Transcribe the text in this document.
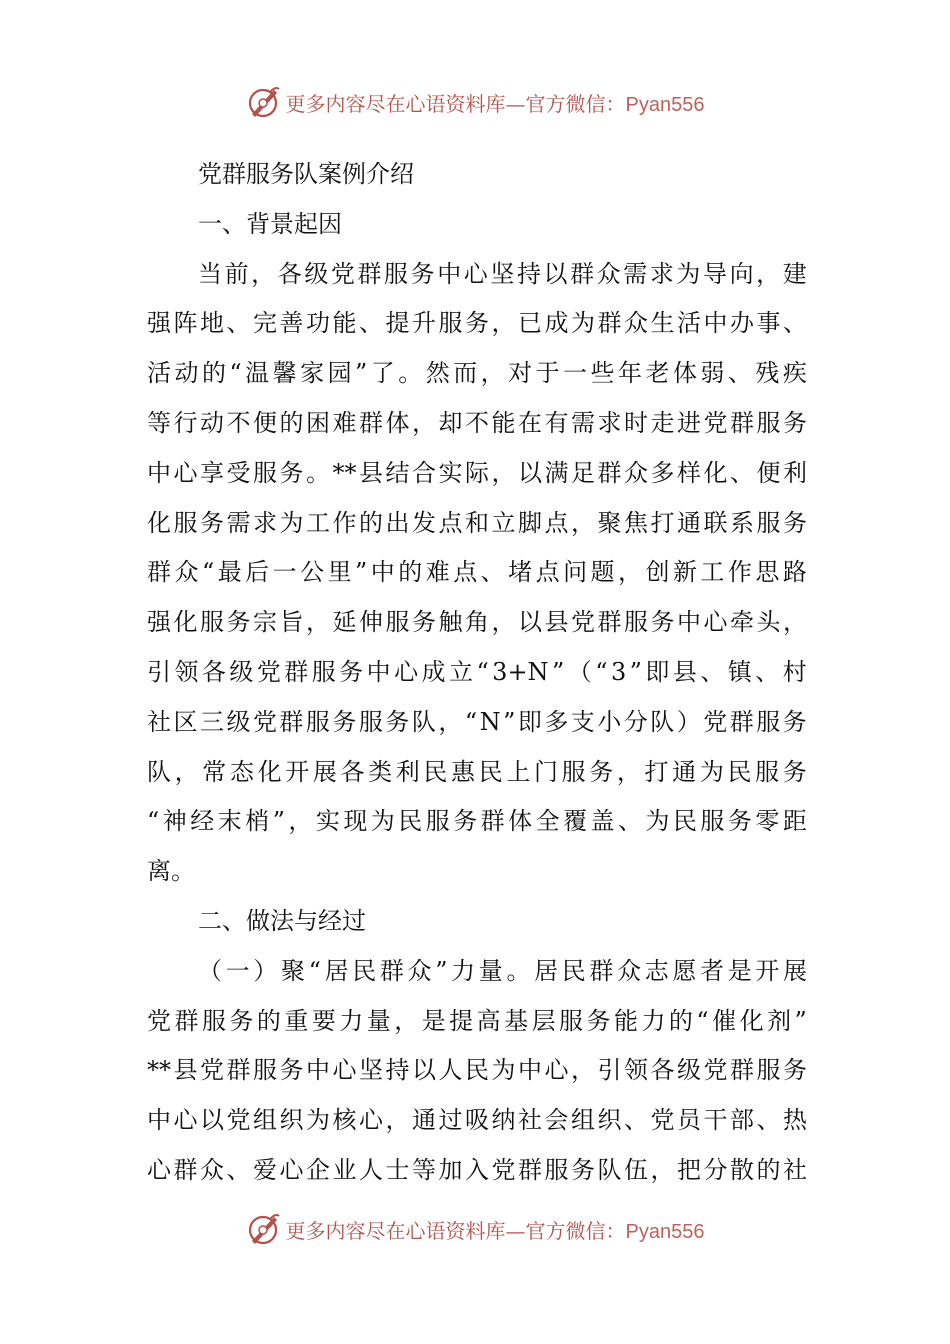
更多内容尽在心语资料库—官方微信：Pyan556
党群服务队案例介绍
一、背景起因
当 前 ， 各 级 党 群 服 务 中 心 坚 持 以 群 众 需 求 为 导 向 ， 建
强 阵 地 、 完 善 功 能 、 提 升 服 务 ， 已 成 为 群 众 生 活 中 办 事 、
活 动 的 “ 温 馨 家 园 ” 了 。 然 而 ， 对 于 一 些 年 老 体 弱 、 残 疾
等 行 动 不 便 的 困 难 群 体 ， 却 不 能 在 有 需 求 时 走 进 党 群 服 务
中 心 享 受 服 务 。 ** 县 结 合 实 际 ， 以 满 足 群 众 多 样 化 、 便 利
化 服 务 需 求 为 工 作 的 出 发 点 和 立 脚 点 ， 聚 焦 打 通 联 系 服 务
群 众 “ 最 后 一 公 里 ” 中 的 难 点 、 堵 点 问 题 ， 创 新 工 作 思 路
强 化 服 务 宗 旨 ， 延 伸 服 务 触 角 ， 以 县 党 群 服 务 中 心 牵 头 ，
引 领 各 级 党 群 服 务 中 心 成 立 “ 3+N ” （ “ 3 ” 即 县 、 镇 、 村
社 区 三 级 党 群 服 务 服 务 队 ， “ N ” 即 多 支 小 分 队 ） 党 群 服 务
队 ， 常 态 化 开 展 各 类 利 民 惠 民 上 门 服 务 ， 打 通 为 民 服 务
“ 神 经 末 梢 ” ， 实 现 为 民 服 务 群 体 全 覆 盖 、 为 民 服 务 零 距
离。
二、做法与经过
（ 一 ） 聚 “ 居 民 群 众 ” 力 量 。 居 民 群 众 志 愿 者 是 开 展
党 群 服 务 的 重 要 力 量 ， 是 提 高 基 层 服 务 能 力 的 “ 催 化 剂 ”
** 县 党 群 服 务 中 心 坚 持 以 人 民 为 中 心 ， 引 领 各 级 党 群 服 务
中 心 以 党 组 织 为 核 心 ， 通 过 吸 纳 社 会 组 织 、 党 员 干 部 、 热
心 群 众 、 爱 心 企 业 人 士 等 加 入 党 群 服 务 队 伍 ， 把 分 散 的 社
更多内容尽在心语资料库—官方微信：Pyan556
